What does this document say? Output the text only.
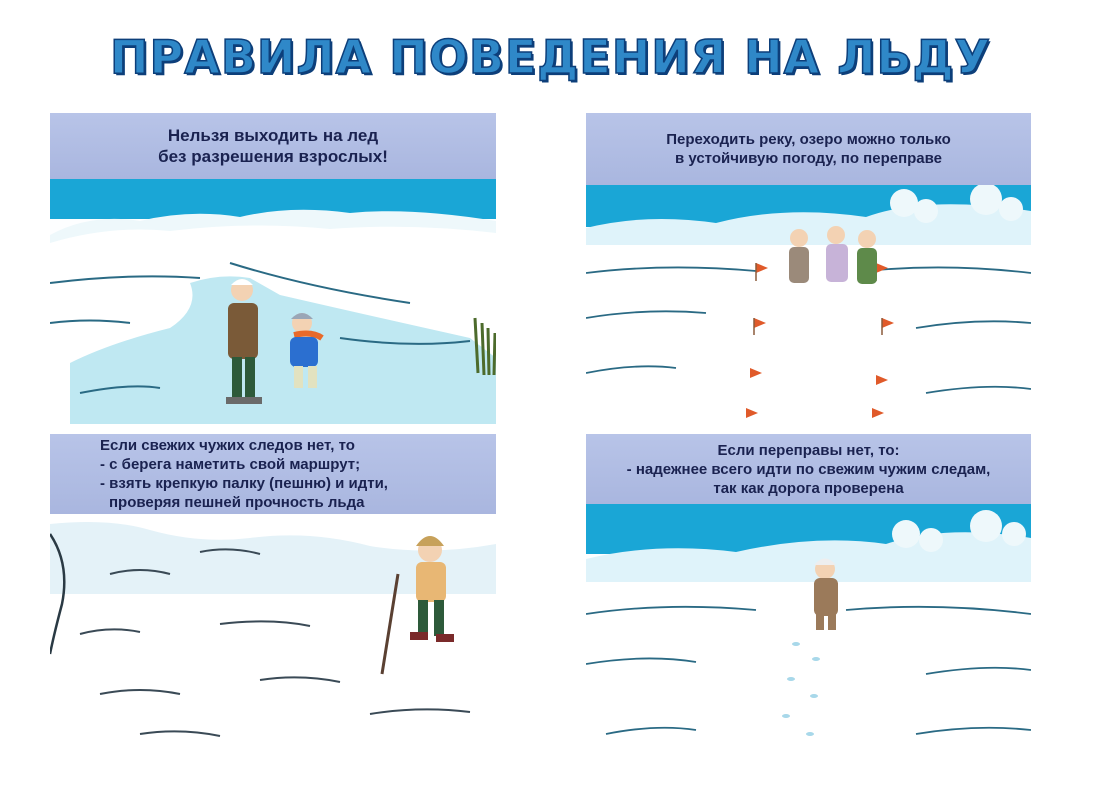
ПРАВИЛА ПОВЕДЕНИЯ НА ЛЬДУ
Нельзя выходить на лед
без разрешения взрослых!
Переходить реку, озеро можно только
в устойчивую погоду, по переправе
Если свежих чужих следов нет, то
- с берега наметить свой маршрут;
- взять крепкую палку (пешню) и идти,
проверяя пешней прочность льда
Если переправы нет, то:
- надежнее всего идти по свежим чужим следам,
так как дорога проверена
